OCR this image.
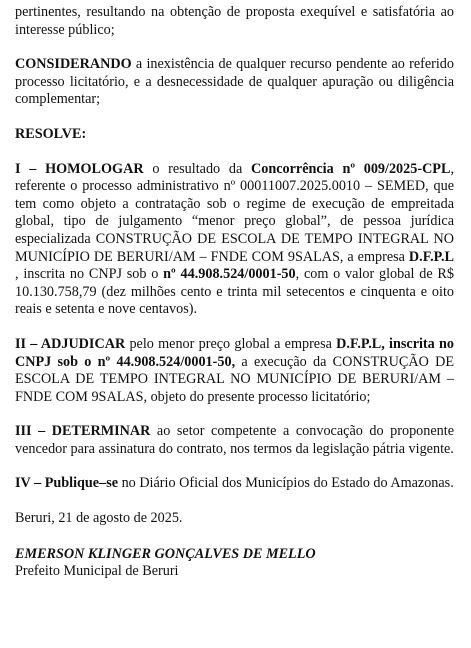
pertinentes, resultando na obtenção de proposta exequível e satisfatória ao interesse público;

CONSIDERANDO a inexistência de qualquer recurso pendente ao referido processo licitatório, e a desnecessidade de qualquer apuração ou diligência complementar;

RESOLVE:

I – HOMOLOGAR o resultado da Concorrência nº 009/2025-CPL, referente o processo administrativo nº 00011007.2025.0010 – SEMED, que tem como objeto a contratação sob o regime de execução de empreitada global, tipo de julgamento “menor preço global”, de pessoa jurídica especializada CONSTRUÇÃO DE ESCOLA DE TEMPO INTEGRAL NO MUNICÍPIO DE BERURI/AM – FNDE COM 9SALAS, a empresa D.F.P.L , inscrita no CNPJ sob o nº 44.908.524/0001-50, com o valor global de R$ 10.130.758,79 (dez milhões cento e trinta mil setecentos e cinquenta e oito reais e setenta e nove centavos).

II – ADJUDICAR pelo menor preço global a empresa D.F.P.L, inscrita no CNPJ sob o nº 44.908.524/0001-50, a execução da CONSTRUÇÃO DE ESCOLA DE TEMPO INTEGRAL NO MUNICÍPIO DE BERURI/AM – FNDE COM 9SALAS, objeto do presente processo licitatório;

III – DETERMINAR ao setor competente a convocação do proponente vencedor para assinatura do contrato, nos termos da legislação pátria vigente.

IV – Publique–se no Diário Oficial dos Municípios do Estado do Amazonas.

Beruri, 21 de agosto de 2025.

EMERSON KLINGER GONÇALVES DE MELLO

Prefeito Municipal de Beruri
